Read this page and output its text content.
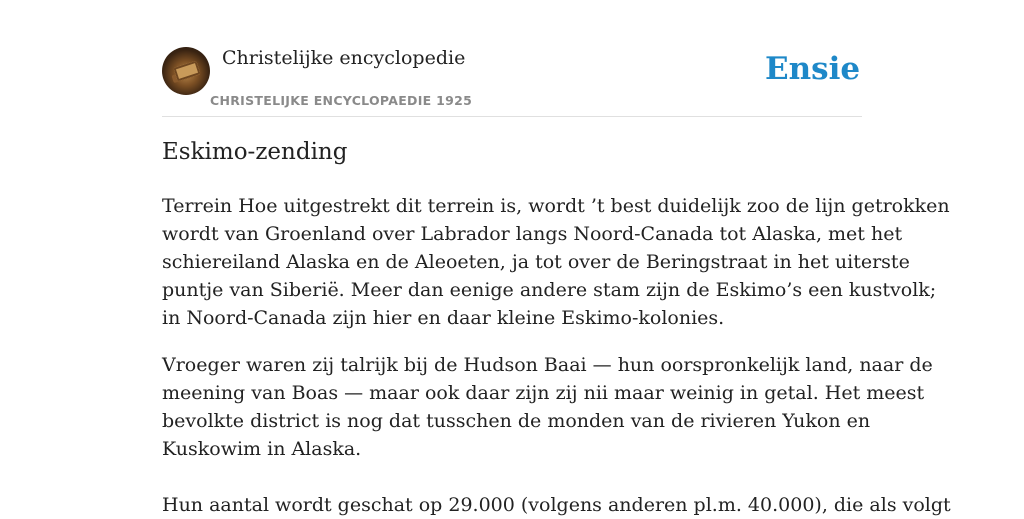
Christelijke encyclopedie
CHRISTELIJKE ENCYCLOPAEDIE 1925
Ensie
Eskimo-zending

Terrein Hoe uitgestrekt dit terrein is, wordt ’t best duidelijk zoo de lijn getrokken
wordt van Groenland over Labrador langs Noord-Canada tot Alaska, met het
schiereiland Alaska en de Aleoeten, ja tot over de Beringstraat in het uiterste
puntje van Siberië. Meer dan eenige andere stam zijn de Eskimo’s een kustvolk;
in Noord-Canada zijn hier en daar kleine Eskimo-kolonies.

Vroeger waren zij talrijk bij de Hudson Baai — hun oorspronkelijk land, naar de
meening van Boas — maar ook daar zijn zij nii maar weinig in getal. Het meest
bevolkte district is nog dat tusschen de monden van de rivieren Yukon en
Kuskowim in Alaska.

Hun aantal wordt geschat op 29.000 (volgens anderen pl.m. 40.000), die als volgt
